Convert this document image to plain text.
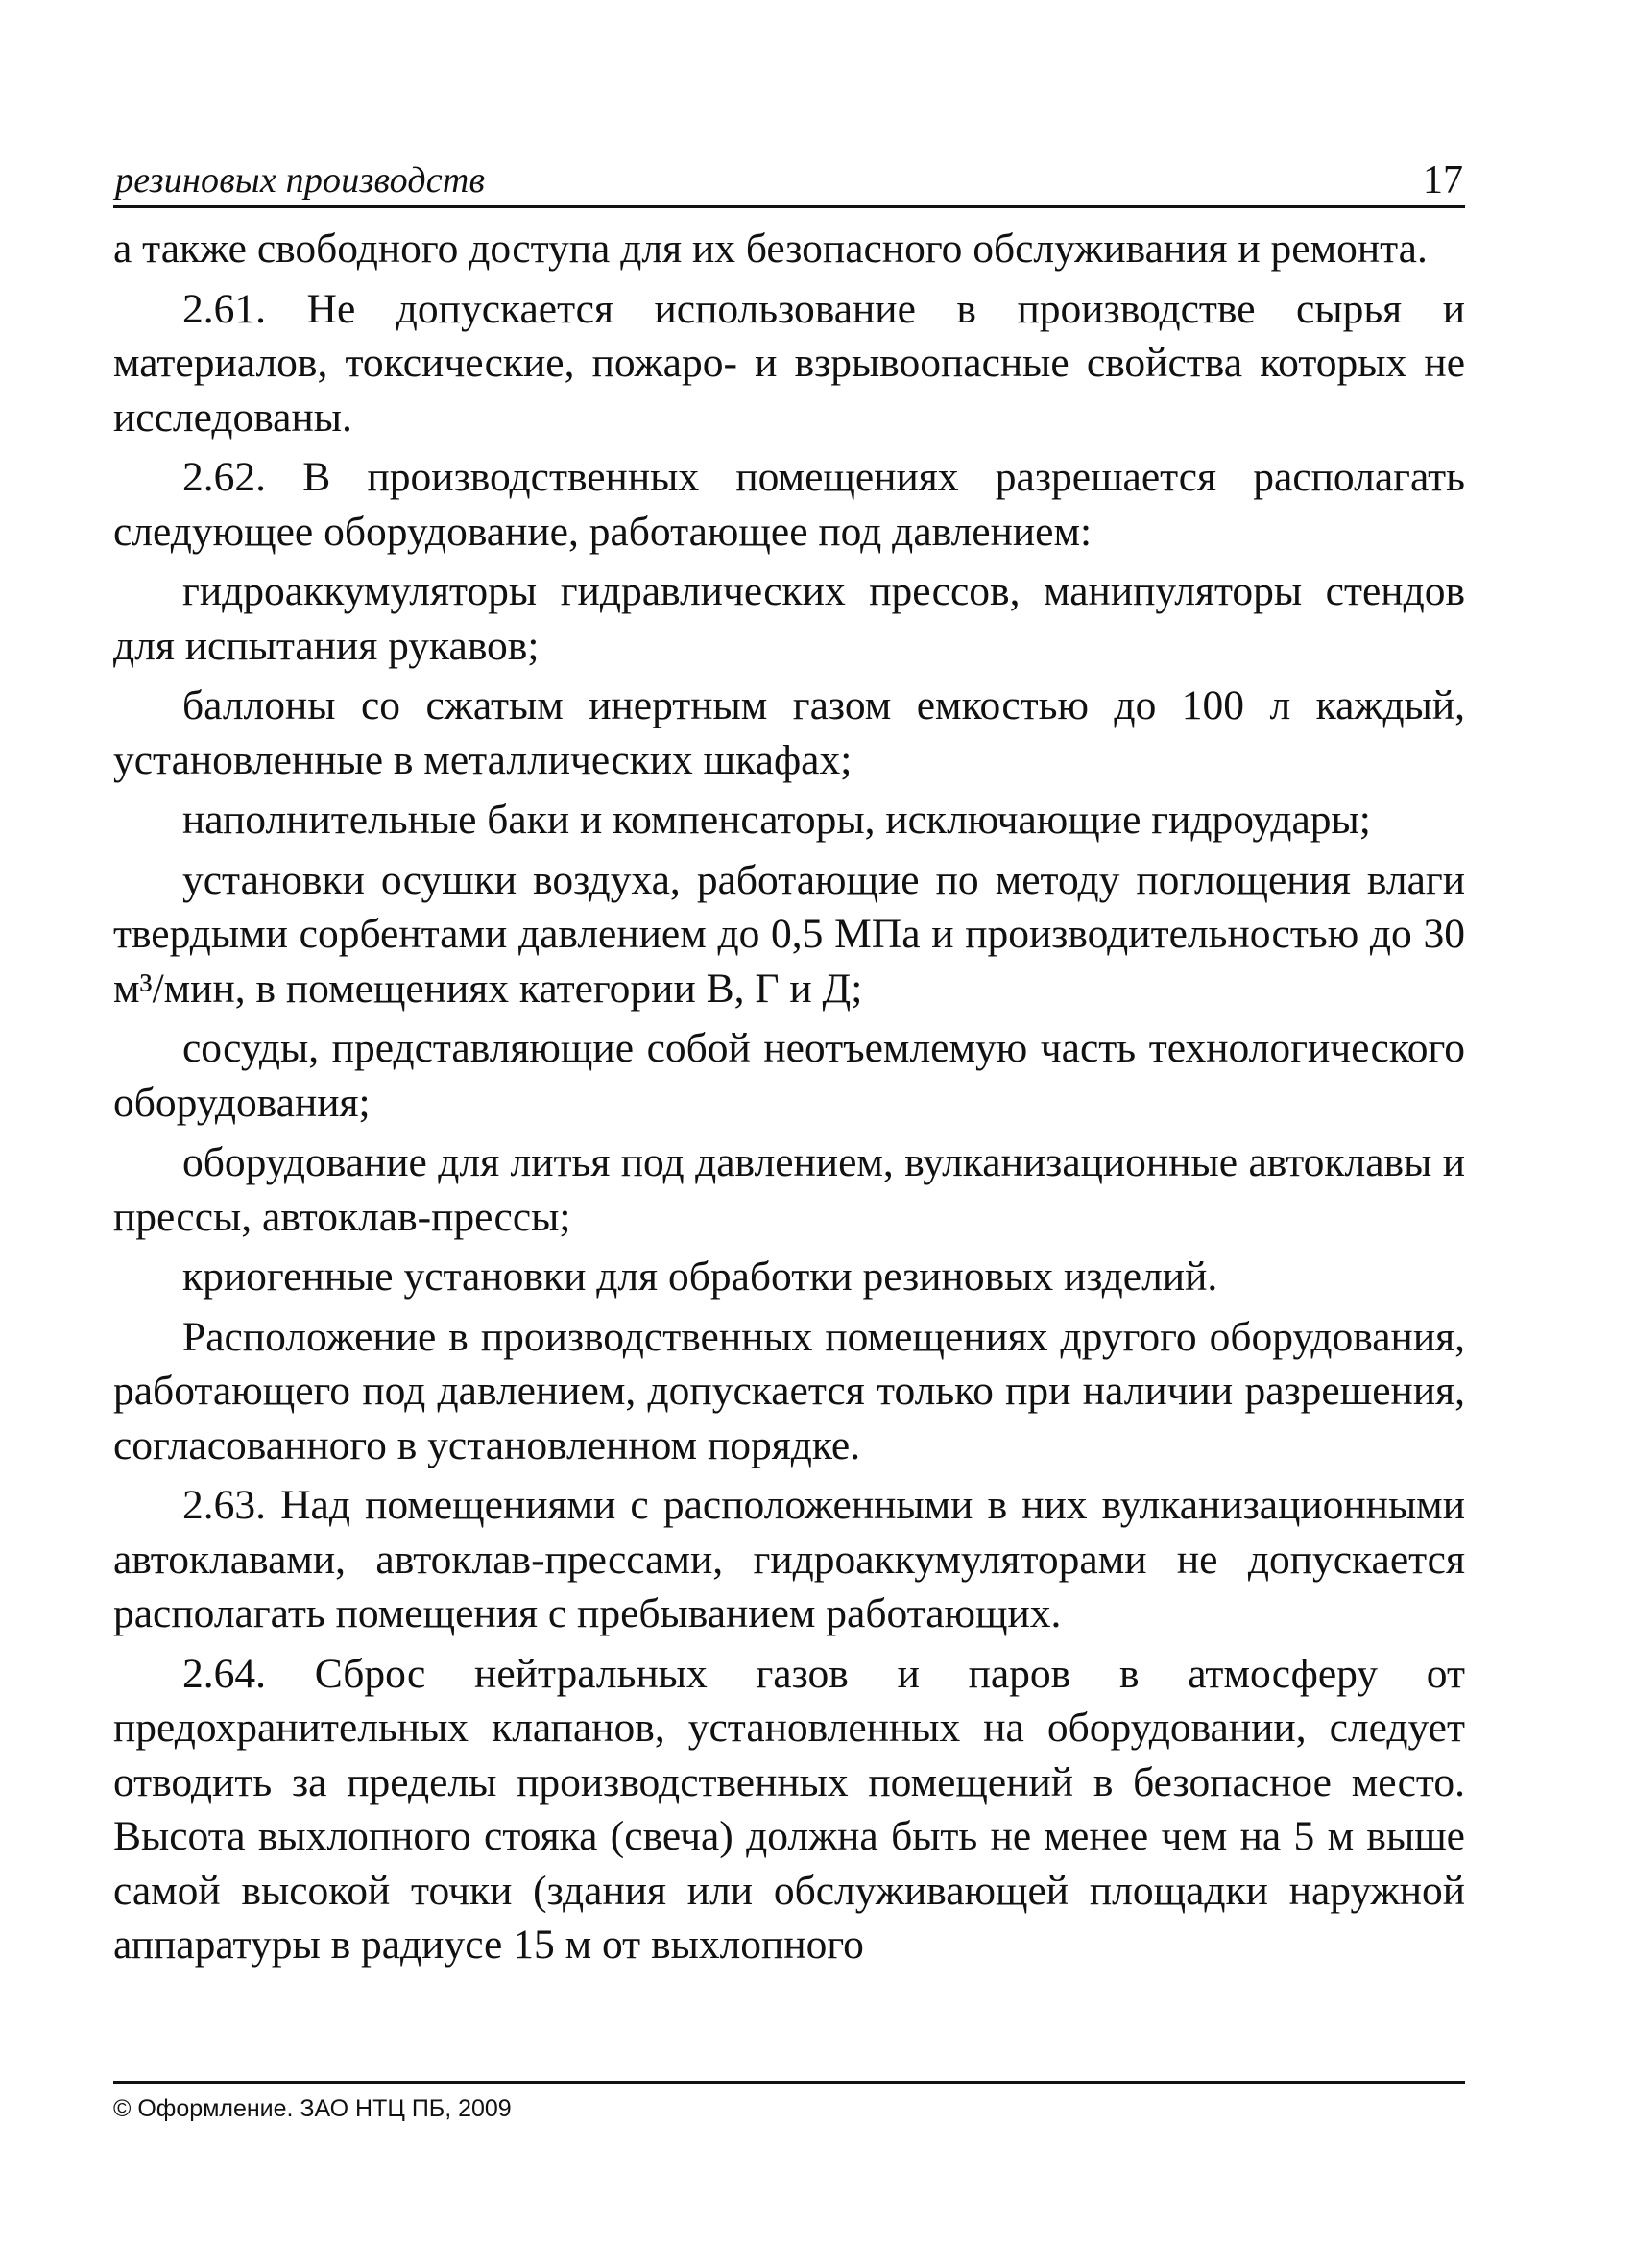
резиновых производств	17

а также свободного доступа для их безопасного обслуживания и ремонта.

2.61. Не допускается использование в производстве сырья и материалов, токсические, пожаро- и взрывоопасные свойства которых не исследованы.

2.62. В производственных помещениях разрешается располагать следующее оборудование, работающее под давлением:

гидроаккумуляторы гидравлических прессов, манипуляторы стендов для испытания рукавов;

баллоны со сжатым инертным газом емкостью до 100 л каждый, установленные в металлических шкафах;

наполнительные баки и компенсаторы, исключающие гидроудары;

установки осушки воздуха, работающие по методу поглощения влаги твердыми сорбентами давлением до 0,5 МПа и производительностью до 30 м³/мин, в помещениях категории В, Г и Д;

сосуды, представляющие собой неотъемлемую часть технологического оборудования;

оборудование для литья под давлением, вулканизационные автоклавы и прессы, автоклав-прессы;

криогенные установки для обработки резиновых изделий.

Расположение в производственных помещениях другого оборудования, работающего под давлением, допускается только при наличии разрешения, согласованного в установленном порядке.

2.63. Над помещениями с расположенными в них вулканизационными автоклавами, автоклав-прессами, гидроаккумуляторами не допускается располагать помещения с пребыванием работающих.

2.64. Сброс нейтральных газов и паров в атмосферу от предохранительных клапанов, установленных на оборудовании, следует отводить за пределы производственных помещений в безопасное место. Высота выхлопного стояка (свеча) должна быть не менее чем на 5 м выше самой высокой точки (здания или обслуживающей площадки наружной аппаратуры в радиусе 15 м от выхлопного

© Оформление. ЗАО НТЦ ПБ, 2009
